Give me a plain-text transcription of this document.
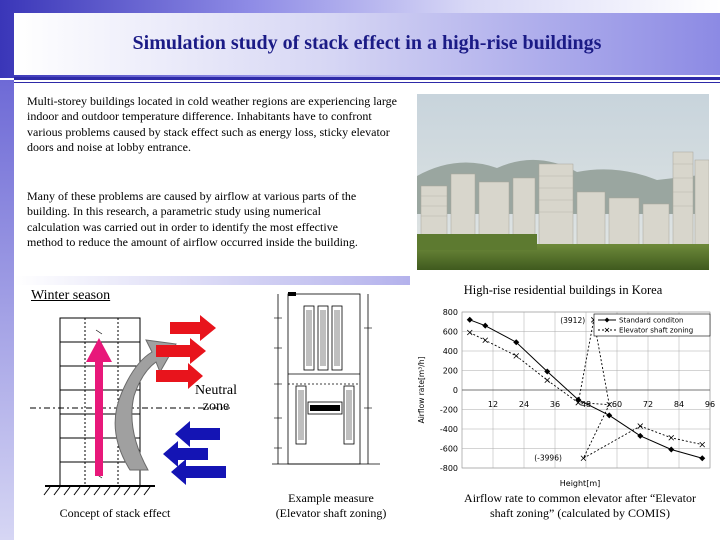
Simulation study of stack effect in a high-rise buildings
Multi-storey buildings located in cold weather regions are experiencing large indoor and outdoor temperature difference. Inhabitants have to confront various problems caused by stack effect such as energy loss, sticky elevator doors and noise at lobby entrance.
Many of these problems are caused by airflow at various parts of the building. In this research, a parametric study using numerical calculation was carried out in order to identify the most effective method to reduce the amount of airflow occurred inside the building.
High-rise residential buildings in Korea
Winter season
Neutral
zone
Concept of stack effect
Example measure
(Elevator shaft zoning)
800
600
400
200
0
-200
-400
-600
-800
12	24	36	48	60	72	84	96
(3912)
(-3996)
Standard conditon
Elevator shaft zoning
Airflow rate[m³/h]
Height[m]
Airflow rate to common elevator after “Elevator
shaft zoning” (calculated by COMIS)
